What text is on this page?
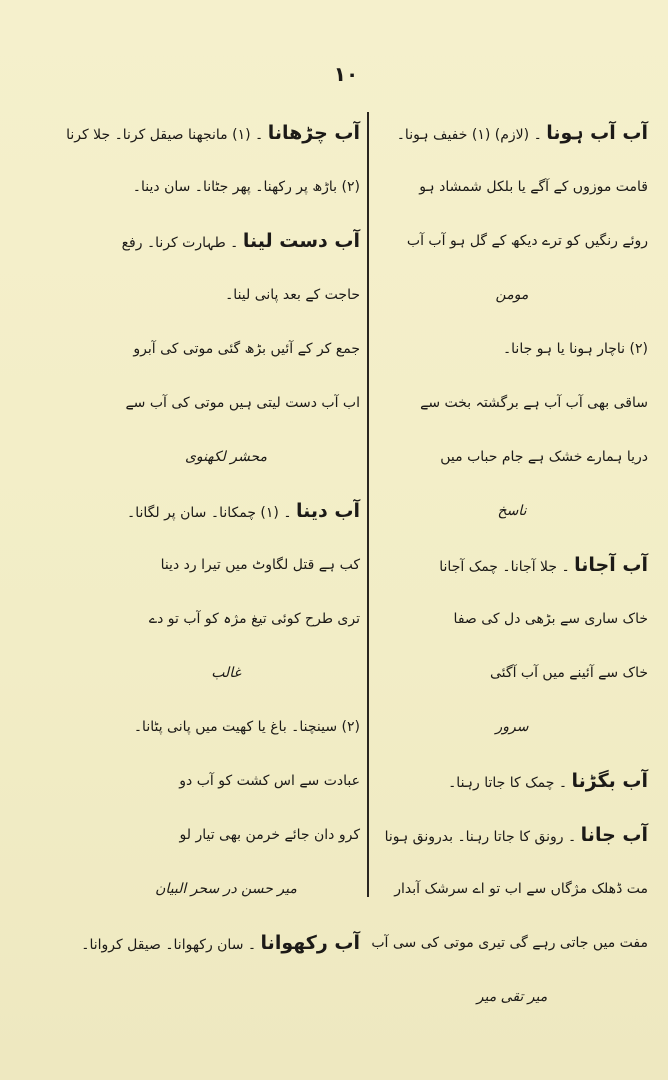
١٠
آب آب ہونا ۔ (لازم) (۱) خفیف ہونا۔
قامت موزوں کے آگے یا بلکل شمشاد ہو
روئے رنگیں کو ترے دیکھ کے گل ہو آب آب
مومن
(۲) ناچار ہونا یا ہو جانا۔
ساقی بھی آب آب ہے برگشتہ بخت سے
دریا ہمارے خشک ہے جام حباب میں
ناسخ
آب آجانا ۔ جلا آجانا۔ چمک آجانا
خاک ساری سے بڑھی دل کی صفا
خاک سے آئینے میں آب آگئی
سرور
آب بگڑنا ۔ چمک کا جاتا رہنا۔
آب جانا ۔ رونق کا جاتا رہنا۔ بدرونق ہونا
مت ڈھلک مژگاں سے اب تو اے سرشک آبدار
مفت میں جاتی رہے گی تیری موتی کی سی آب
میر تقی میر
آب چڑھانا ۔ (۱) مانجھنا صیقل کرنا۔ جلا کرنا
(۲) باڑھ پر رکھنا۔ پھر جٹانا۔ سان دینا۔
آب دست لینا ۔ طہارت کرنا۔ رفع
حاجت کے بعد پانی لینا۔
جمع کر کے آئیں بڑھ گئی موتی کی آبرو
اب آب دست لیتی ہیں موتی کی آب سے
محشر لکھنوی
آب دینا ۔ (۱) چمکانا۔ سان پر لگانا۔
کب ہے قتل لگاوٹ میں تیرا رد دینا
تری طرح کوئی تیغ مژہ کو آب تو دے
غالب
(۲) سینچنا۔ باغ یا کھیت میں پانی پٹانا۔
عبادت سے اس کشت کو آب دو
کرو دان جائے خرمن بھی تیار لو
میر حسن در سحر البیان
آب رکھوانا ۔ سان رکھوانا۔ صیقل کروانا۔
